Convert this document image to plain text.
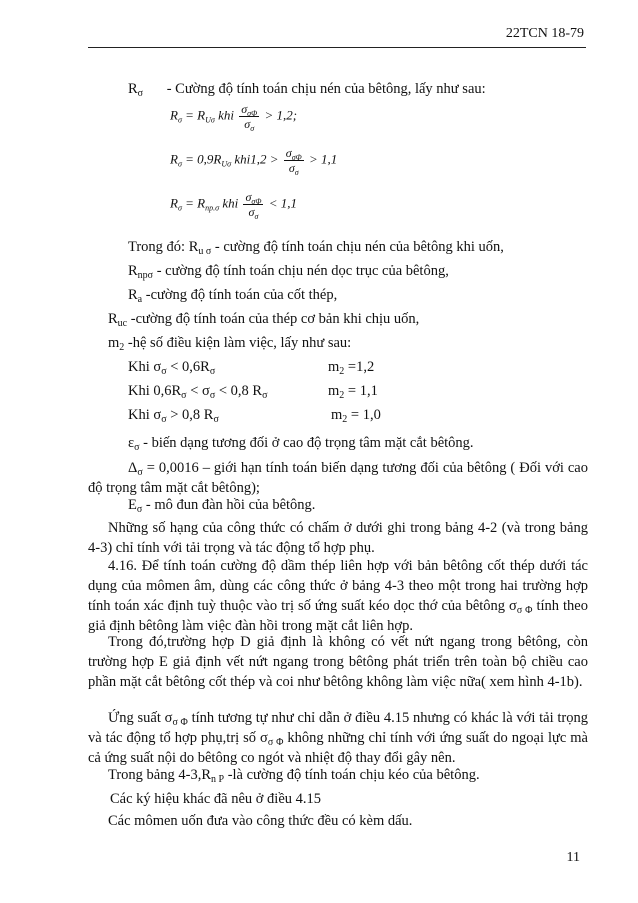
22TCN 18-79
$R_\sigma$ - Cường độ tính toán chịu nén của bêtông, lấy như sau:
$R_\sigma = R_{U\sigma}$ khi $\frac{\sigma_{\sigma\Phi}}{\sigma_\sigma} > 1,2$;
$R_\sigma = 0,9R_{U\sigma}$ $khi1,2 > \frac{\sigma_{\sigma\Phi}}{\sigma_\sigma} > 1,1$
$R_\sigma = R_{np.\sigma}$ khi $\frac{\sigma_{\sigma\Phi}}{\sigma_\sigma} < 1,1$
Trong đó: $R_{u \sigma}$ - cường độ tính toán chịu nén của bêtông khi uốn,
$R_{np\sigma}$ - cường độ tính toán chịu nén dọc trục của bêtông,
$R_a$ -cường độ tính toán của cốt thép,
$R_{uc}$ -cường độ tính toán của thép cơ bản khi chịu uốn,
$m_2$ -hệ số điều kiện làm việc, lấy như sau:
Khi $\sigma_\sigma < 0,6R_\sigma$	$m_2 =1,2$
Khi $0,6R_\sigma < \sigma_\sigma < 0,8$ $R_\sigma$	$m_2 = 1,1$
Khi $\sigma_\sigma > 0,8$ $R_\sigma$	$m_2 = 1,0$
$\varepsilon_\sigma$ - biến dạng tương đối ở cao độ trọng tâm mặt cắt bêtông.
$\Delta_\sigma = 0,0016$ – giới hạn tính toán biến dạng tương đối của bêtông ( Đối với cao độ trọng tâm mặt cắt bêtông);
$E_\sigma$ - mô đun đàn hồi của bêtông.
Những số hạng của công thức có chấm ở dưới ghi trong bảng 4-2 (và trong bảng 4-3) chỉ tính với tải trọng và tác động tổ hợp phụ.
4.16. Để tính toán cường độ dầm thép liên hợp với bản bêtông cốt thép dưới tác dụng của mômen âm, dùng các công thức ở bảng 4-3 theo một trong hai trường hợp tính toán xác định tuỳ thuộc vào trị số ứng suất kéo dọc thớ của bêtông $\sigma_{\sigma \Phi}$ tính theo giả định bêtông làm việc đàn hồi trong mặt cắt liên hợp.
Trong đó,trường hợp D giả định là không có vết nứt ngang trong bêtông, còn trường hợp E giả định vết nứt ngang trong bêtông phát triển trên toàn bộ chiều cao phần mặt cắt bêtông cốt thép và coi như bêtông không làm việc nữa( xem hình 4-1b).
Ứng suất $\sigma_{\sigma \Phi}$ tính tương tự như chỉ dẫn ở điều 4.15 nhưng có khác là với tải trọng và tác động tổ hợp phụ,trị số $\sigma_{\sigma \Phi}$ không những chỉ tính với ứng suất do ngoại lực mà cả ứng suất nội do bêtông co ngót và nhiệt độ thay đổi gây nên.
Trong bảng $4-3,R_{n P}$ -là cường độ tính toán chịu kéo của bêtông.
Các ký hiệu khác đã nêu ở điều 4.15
Các mômen uốn đưa vào công thức đều có kèm dấu.
11
